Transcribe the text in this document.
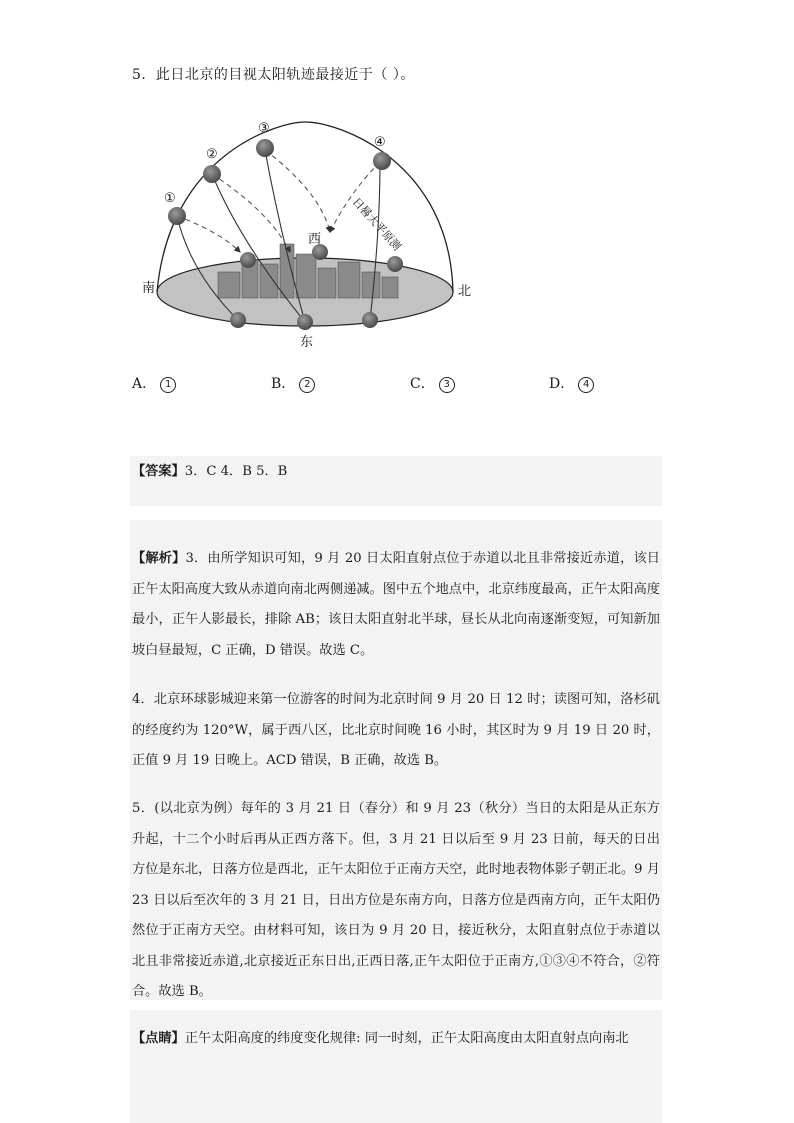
5．此日北京的目视太阳轨迹最接近于（ ）。
①
②
③
④
南	北
东
西	日晷大平原测
A． 1	B． 2	C． 3	D． 4
【答案】3．C 4．B 5．B
【解析】3．由所学知识可知，9 月 20 日太阳直射点位于赤道以北且非常接近赤道，该日正午太阳高度大致从赤道向南北两侧递减。图中五个地点中，北京纬度最高，正午太阳高度最小，正午人影最长，排除 AB；该日太阳直射北半球，昼长从北向南逐渐变短，可知新加坡白昼最短，C 正确，D 错误。故选 C。
4．北京环球影城迎来第一位游客的时间为北京时间 9 月 20 日 12 时；读图可知，洛杉矶的经度约为 120°W，属于西八区，比北京时间晚 16 小时，其区时为 9 月 19 日 20 时，正值 9 月 19 日晚上。ACD 错误，B 正确，故选 B。
5．(以北京为例）每年的 3 月 21 日（春分）和 9 月 23（秋分）当日的太阳是从正东方升起，十二个小时后再从正西方落下。但，3 月 21 日以后至 9 月 23 日前，每天的日出方位是东北，日落方位是西北，正午太阳位于正南方天空，此时地表物体影子朝正北。9 月 23 日以后至次年的 3 月 21 日，日出方位是东南方向，日落方位是西南方向，正午太阳仍然位于正南方天空。由材料可知，该日为 9 月 20 日，接近秋分，太阳直射点位于赤道以北且非常接近赤道,北京接近正东日出,正西日落,正午太阳位于正南方,①③④不符合，②符合。故选 B。
【点睛】正午太阳高度的纬度变化规律: 同一时刻，正午太阳高度由太阳直射点向南北
